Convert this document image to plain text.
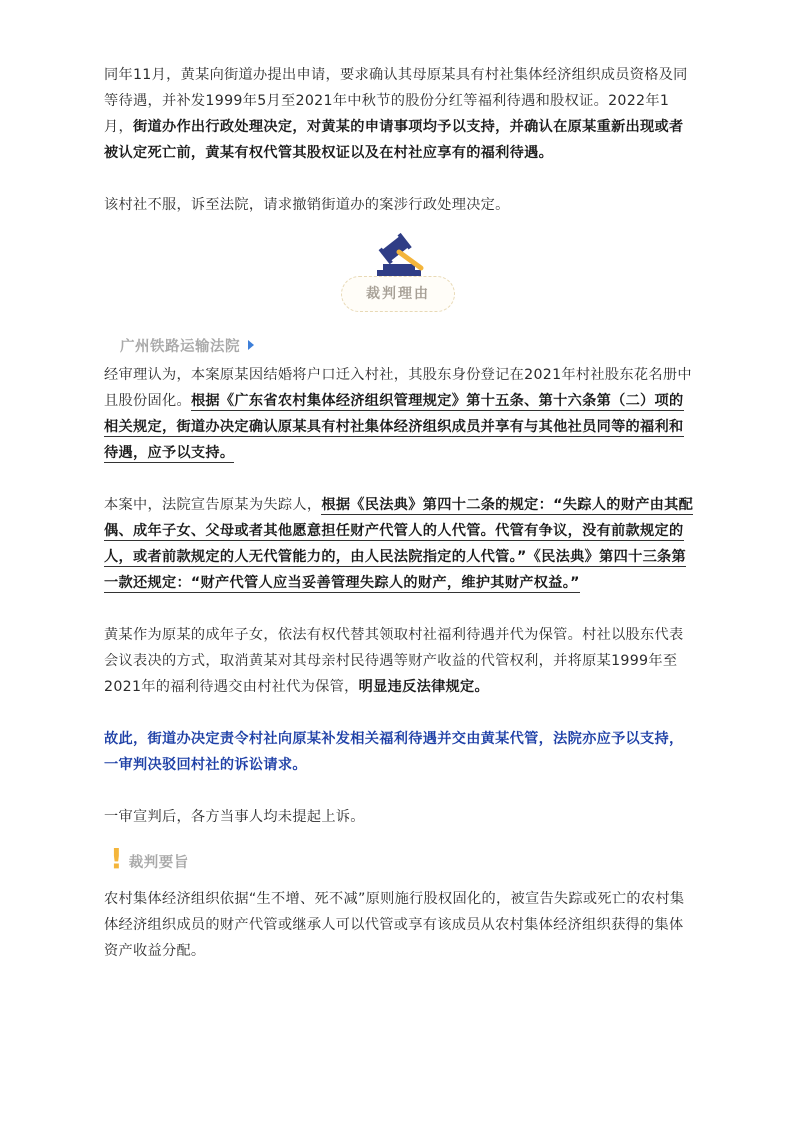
同年11月，黄某向街道办提出申请，要求确认其母原某具有村社集体经济组织成员资格及同等待遇，并补发1999年5月至2021年中秋节的股份分红等福利待遇和股权证。2022年1月，街道办作出行政处理决定，对黄某的申请事项均予以支持，并确认在原某重新出现或者被认定死亡前，黄某有权代管其股权证以及在村社应享有的福利待遇。

该村社不服，诉至法院，请求撤销街道办的案涉行政处理决定。

裁判理由
广州铁路运输法院

经审理认为，本案原某因结婚将户口迁入村社，其股东身份登记在2021年村社股东花名册中且股份固化。根据《广东省农村集体经济组织管理规定》第十五条、第十六条第（二）项的相关规定，街道办决定确认原某具有村社集体经济组织成员并享有与其他社员同等的福利和待遇，应予以支持。

本案中，法院宣告原某为失踪人，根据《民法典》第四十二条的规定：“失踪人的财产由其配偶、成年子女、父母或者其他愿意担任财产代管人的人代管。代管有争议，没有前款规定的人，或者前款规定的人无代管能力的，由人民法院指定的人代管。”《民法典》第四十三条第一款还规定：“财产代管人应当妥善管理失踪人的财产，维护其财产权益。”

黄某作为原某的成年子女，依法有权代替其领取村社福利待遇并代为保管。村社以股东代表会议表决的方式，取消黄某对其母亲村民待遇等财产收益的代管权利，并将原某1999年至2021年的福利待遇交由村社代为保管，明显违反法律规定。

故此，街道办决定责令村社向原某补发相关福利待遇并交由黄某代管，法院亦应予以支持，一审判决驳回村社的诉讼请求。

一审宣判后，各方当事人均未提起上诉。

! 裁判要旨

农村集体经济组织依据“生不增、死不减”原则施行股权固化的，被宣告失踪或死亡的农村集体经济组织成员的财产代管或继承人可以代管或享有该成员从农村集体经济组织获得的集体资产收益分配。
